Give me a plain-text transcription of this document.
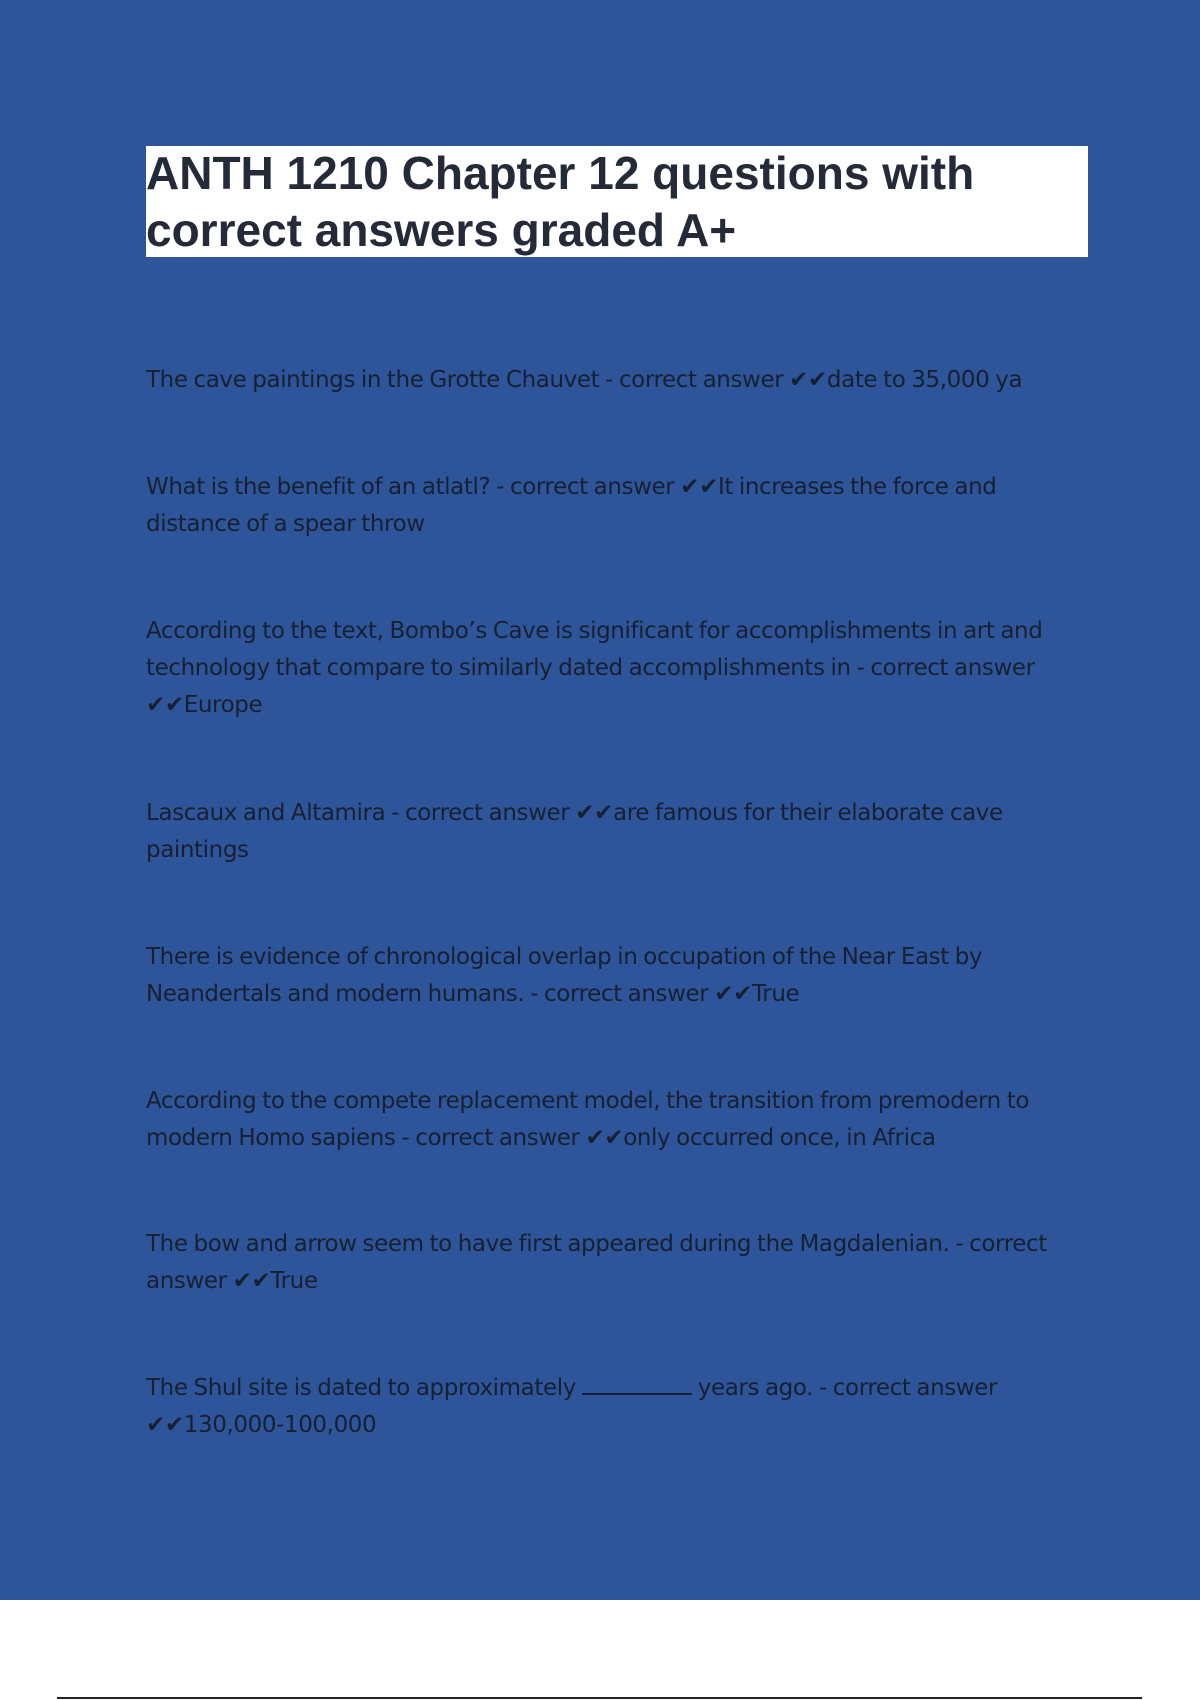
ANTH 1210 Chapter 12 questions with correct answers graded A+

The cave paintings in the Grotte Chauvet - correct answer ✔✔date to 35,000 ya

What is the benefit of an atlatl? - correct answer ✔✔It increases the force and distance of a spear throw

According to the text, Bombo’s Cave is significant for accomplishments in art and technology that compare to similarly dated accomplishments in - correct answer ✔✔Europe

Lascaux and Altamira - correct answer ✔✔are famous for their elaborate cave paintings

There is evidence of chronological overlap in occupation of the Near East by Neandertals and modern humans. - correct answer ✔✔True

According to the compete replacement model, the transition from premodern to modern Homo sapiens - correct answer ✔✔only occurred once, in Africa

The bow and arrow seem to have first appeared during the Magdalenian. - correct answer ✔✔True

The Shul site is dated to approximately	years ago. - correct answer ✔✔130,000-100,000
